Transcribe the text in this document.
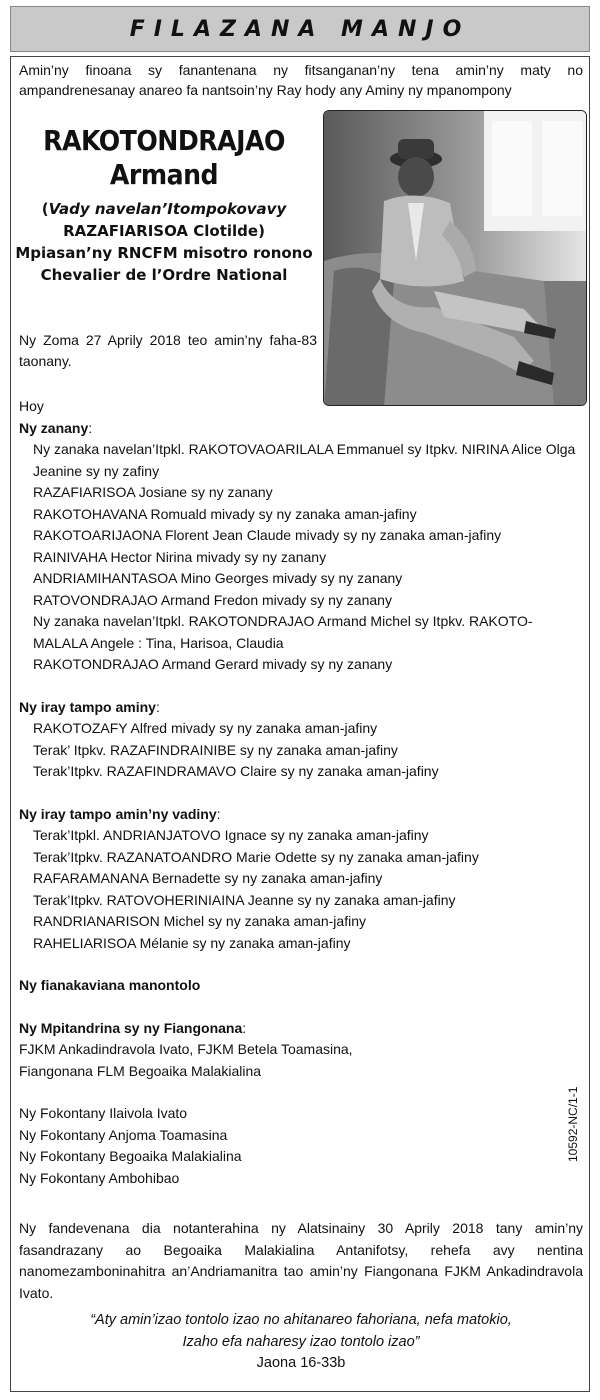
FILAZANA MANJO

Amin’ny finoana sy fanantenana ny fitsanganan’ny tena amin’ny maty no ampandrenesanay anareo fa nantsoin’ny Ray hody any Aminy ny mpanompony

RAKOTONDRAJAO
Armand
(Vady navelan’Itompokovavy
RAZAFIARISOA Clotilde)
Mpiasan’ny RNCFM misotro ronono
Chevalier de l’Ordre National

Ny Zoma 27 Aprily 2018 teo amin’ny faha-83 taonany.

Hoy

Ny zanany:

Ny zanaka navelan’Itpkl. RAKOTOVAOARILALA Emmanuel sy Itpkv. NIRINA Alice Olga Jeanine sy ny zafiny

RAZAFIARISOA Josiane sy ny zanany

RAKOTOHAVANA Romuald mivady sy ny zanaka aman-jafiny

RAKOTOARIJAONA Florent Jean Claude mivady sy ny zanaka aman-jafiny

RAINIVAHA Hector Nirina mivady sy ny zanany

ANDRIAMIHANTASOA Mino Georges mivady sy ny zanany

RATOVONDRAJAO Armand Fredon mivady sy ny zanany

Ny zanaka navelan’Itpkl. RAKOTONDRAJAO Armand Michel sy Itpkv. RAKOTO-MALALA Angele : Tina, Harisoa, Claudia

RAKOTONDRAJAO Armand Gerard mivady sy ny zanany

Ny iray tampo aminy:

RAKOTOZAFY Alfred mivady sy ny zanaka aman-jafiny

Terak’ Itpkv. RAZAFINDRAINIBE sy ny zanaka aman-jafiny

Terak’Itpkv. RAZAFINDRAMAVO Claire sy ny zanaka aman-jafiny

Ny iray tampo amin’ny vadiny:

Terak’Itpkl. ANDRIANJATOVO Ignace sy ny zanaka aman-jafiny

Terak’Itpkv. RAZANATOANDRO Marie Odette sy ny zanaka aman-jafiny

RAFARAMANANA Bernadette sy ny zanaka aman-jafiny

Terak’Itpkv. RATOVOHERINIAINA Jeanne sy ny zanaka aman-jafiny

RANDRIANARISON Michel sy ny zanaka aman-jafiny

RAHELIARISOA Mélanie sy ny zanaka aman-jafiny

Ny fianakaviana manontolo

Ny Mpitandrina sy ny Fiangonana:

FJKM Ankadindravola Ivato, FJKM Betela Toamasina,

Fiangonana FLM Begoaika Malakialina

Ny Fokontany Ilaivola Ivato

Ny Fokontany Anjoma Toamasina

Ny Fokontany Begoaika Malakialina

Ny Fokontany Ambohibao

10592-NC/1-1

Ny fandevenana dia notanterahina ny Alatsinainy 30 Aprily 2018 tany amin’ny fasandrazany ao Begoaika Malakialina Antanifotsy, rehefa avy nentina nanomezamboninahitra an’Andriamanitra tao amin’ny Fiangonana FJKM Ankadindravola Ivato.

“Aty amin’izao tontolo izao no ahitanareo fahoriana, nefa matokio,

Izaho efa naharesy izao tontolo izao”

Jaona 16-33b
